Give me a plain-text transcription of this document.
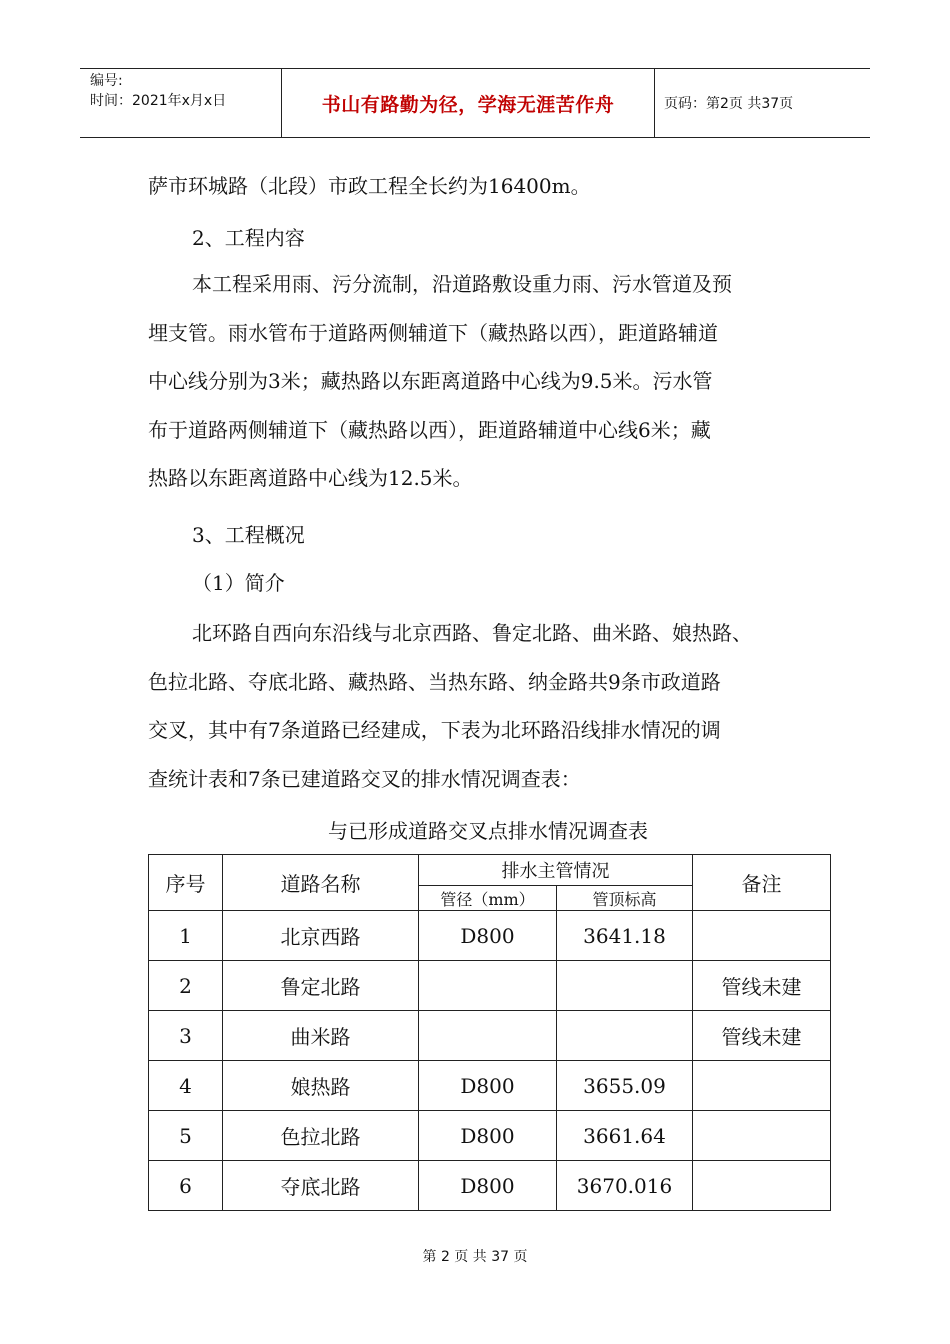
编号:
时间：2021年x月x日	书山有路勤为径，学海无涯苦作舟	页码：第2页 共37页
萨市环城路（北段）市政工程全长约为16400m。
2、工程内容
本工程采用雨、污分流制，沿道路敷设重力雨、污水管道及预
埋支管。雨水管布于道路两侧辅道下（藏热路以西），距道路辅道
中心线分别为3米；藏热路以东距离道路中心线为9.5米。污水管
布于道路两侧辅道下（藏热路以西），距道路辅道中心线6米；藏
热路以东距离道路中心线为12.5米。
3、工程概况
（1）简介
北环路自西向东沿线与北京西路、鲁定北路、曲米路、娘热路、
色拉北路、夺底北路、藏热路、当热东路、纳金路共9条市政道路
交叉，其中有7条道路已经建成，下表为北环路沿线排水情况的调
查统计表和7条已建道路交叉的排水情况调查表：
与已形成道路交叉点排水情况调查表
序号	道路名称	排水主管情况		备注
		管径（mm）	管顶标高	
1	北京西路	D800	3641.18	
2	鲁定北路			管线未建
3	曲米路			管线未建
4	娘热路	D800	3655.09	
5	色拉北路	D800	3661.64	
6	夺底北路	D800	3670.016	
第 2 页 共 37 页
